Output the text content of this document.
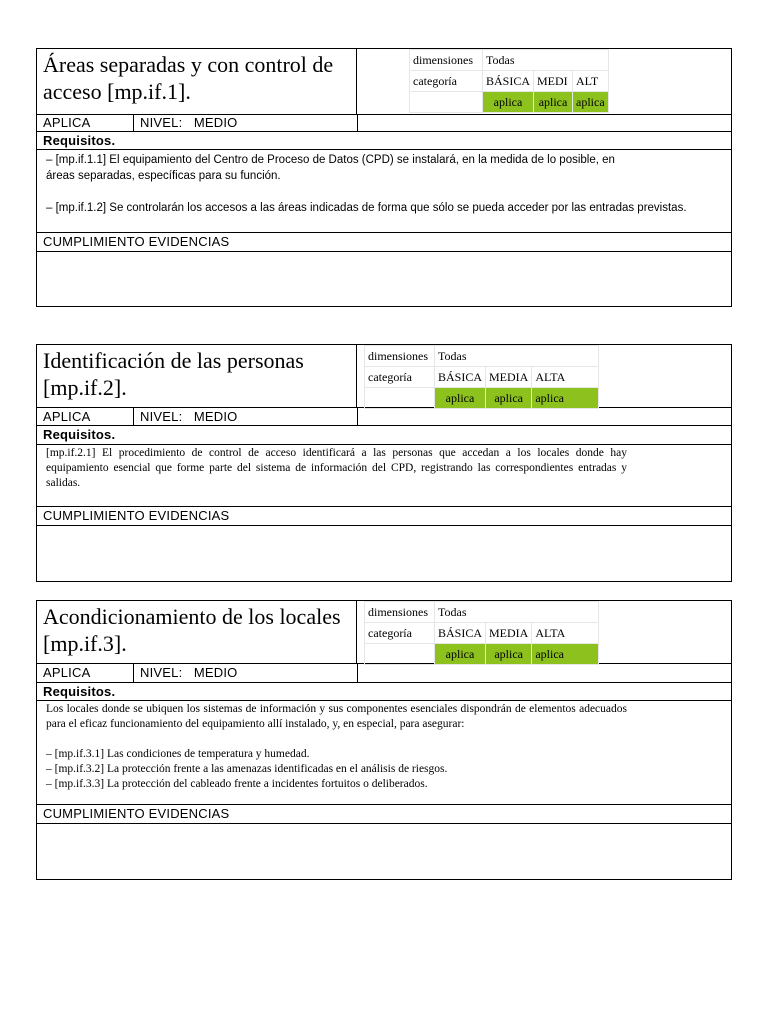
Áreas separadas y con control de acceso [mp.if.1].
dimensiones	Todas		
categoría	BÁSICA	MEDI	ALT
	aplica	aplica	aplica
APLICA	NIVEL: MEDIO
Requisitos.

– [mp.if.1.1] El equipamiento del Centro de Proceso de Datos (CPD) se instalará, en la medida de lo posible, en áreas separadas, específicas para su función.

– [mp.if.1.2] Se controlarán los accesos a las áreas indicadas de forma que sólo se pueda acceder por las entradas previstas.

CUMPLIMIENTO EVIDENCIAS
Identificación de las personas [mp.if.2].
dimensiones	Todas		
categoría	BÁSICA	MEDIA	ALTA
	aplica	aplica	aplica
APLICA	NIVEL: MEDIO
Requisitos.

[mp.if.2.1] El procedimiento de control de acceso identificará a las personas que accedan a los locales donde hay equipamiento esencial que forme parte del sistema de información del CPD, registrando las correspondientes entradas y salidas.

CUMPLIMIENTO EVIDENCIAS
Acondicionamiento de los locales [mp.if.3].
dimensiones	Todas		
categoría	BÁSICA	MEDIA	ALTA
	aplica	aplica	aplica
APLICA	NIVEL: MEDIO
Requisitos.

Los locales donde se ubiquen los sistemas de información y sus componentes esenciales dispondrán de elementos adecuados para el eficaz funcionamiento del equipamiento allí instalado, y, en especial, para asegurar:

– [mp.if.3.1] Las condiciones de temperatura y humedad.

– [mp.if.3.2] La protección frente a las amenazas identificadas en el análisis de riesgos.

– [mp.if.3.3] La protección del cableado frente a incidentes fortuitos o deliberados.

CUMPLIMIENTO EVIDENCIAS
